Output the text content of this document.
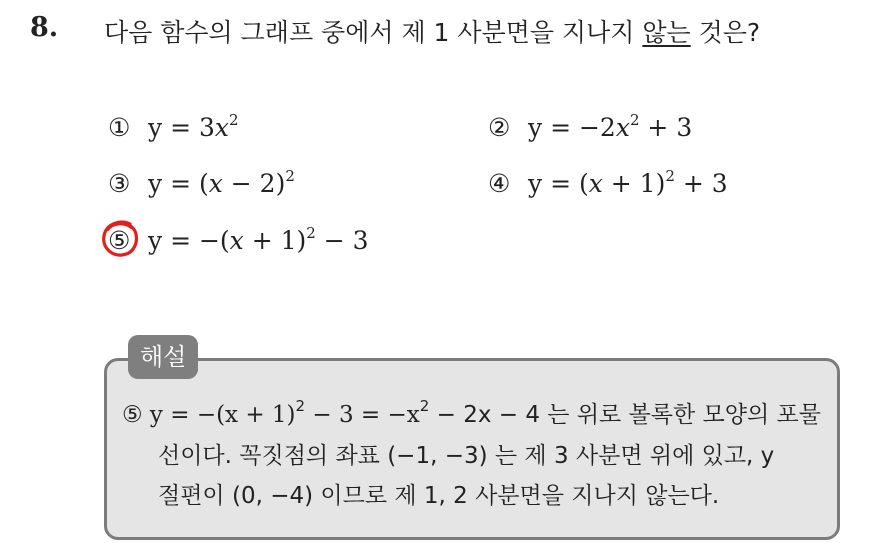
8. 다음 함수의 그래프 중에서 제 1 사분면을 지나지 않는 것은?
① $y = 3x^2$	② $y = -2x^2 + 3$
③ $y = (x - 2)^2$	④ $y = (x + 1)^2 + 3$
⑤ $y = -(x + 1)^2 - 3$
해설
⑤ $y = -(x + 1)^2 - 3 = -x^2 - 2x - 4$ 는 위로 볼록한 모양의 포물
선이다. 꼭짓점의 좌표 (−1, −3) 는 제 3 사분면 위에 있고, y
절편이 (0, −4) 이므로 제 1, 2 사분면을 지나지 않는다.
